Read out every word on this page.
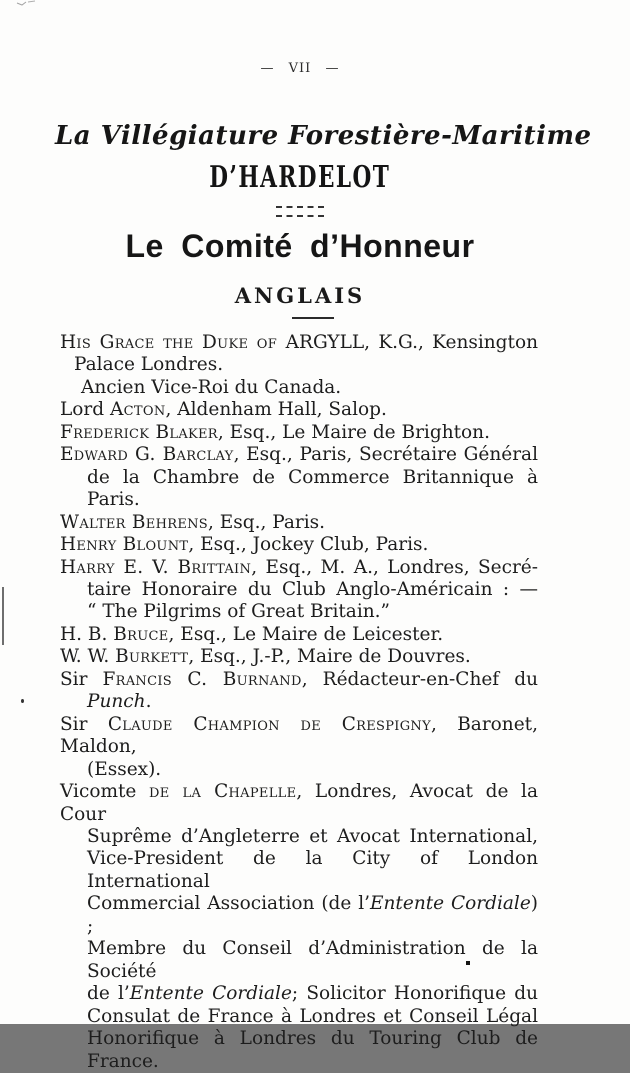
— VII —
La Villégiature Forestière-Maritime
D’HARDELOT
Le Comité d’Honneur
ANGLAIS
His Grace the Duke of ARGYLL, K.G., Kensington
Palace Londres.
Ancien Vice-Roi du Canada.
Lord Acton, Aldenham Hall, Salop.
Frederick Blaker, Esq., Le Maire de Brighton.
Edward G. Barclay, Esq., Paris, Secrétaire Général
de la Chambre de Commerce Britannique à Paris.
Walter Behrens, Esq., Paris.
Henry Blount, Esq., Jockey Club, Paris.
Harry E. V. Brittain, Esq., M. A., Londres, Secré-
taire Honoraire du Club Anglo-Américain : —
“ The Pilgrims of Great Britain.”
H. B. Bruce, Esq., Le Maire de Leicester.
W. W. Burkett, Esq., J.-P., Maire de Douvres.
Sir Francis C. Burnand, Rédacteur-en-Chef du
Punch.
Sir Claude Champion de Crespigny, Baronet, Maldon,
(Essex).
Vicomte de la Chapelle, Londres, Avocat de la Cour
Suprême d’Angleterre et Avocat International,
Vice-President de la City of London International
Commercial Association (de l’Entente Cordiale) ;
Membre du Conseil d’Administration de la Société
de l’Entente Cordiale; Solicitor Honorifique du
Consulat de France à Londres et Conseil Légal
Honorifique à Londres du Touring Club de France.
